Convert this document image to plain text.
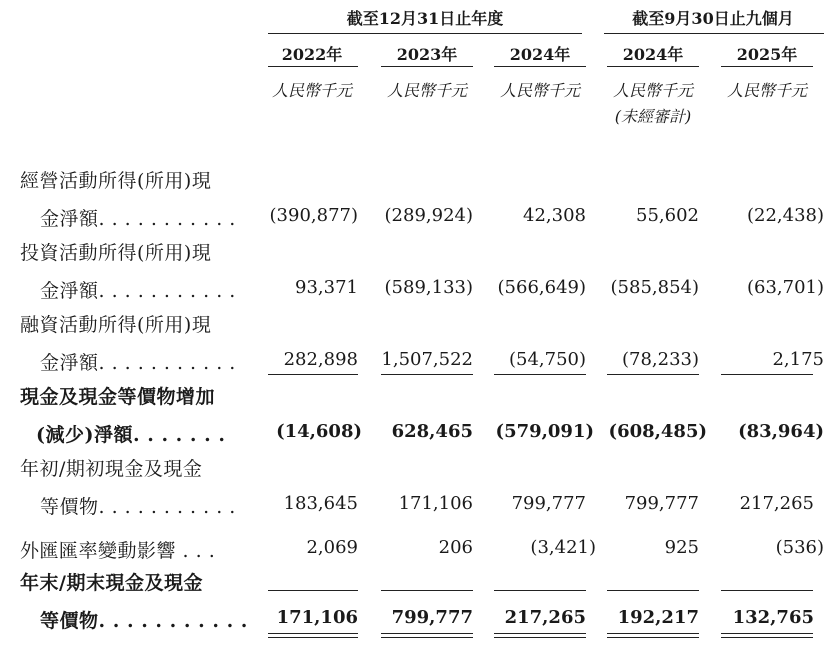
截至12月31日止年度	截至9月30日止九個月
2022年	2023年	2024年	2024年	2025年
人民幣千元	人民幣千元	人民幣千元	人民幣千元	人民幣千元
(未經審計)
經營活動所得(所用)現
金淨額. . . . . . . . . . .	(390,877)	(289,924)	42,308	55,602	(22,438)
投資活動所得(所用)現
金淨額. . . . . . . . . . .	93,371	(589,133)	(566,649)	(585,854)	(63,701)
融資活動所得(所用)現
金淨額. . . . . . . . . . .	282,898	1,507,522	(54,750)	(78,233)	2,175
現金及現金等價物增加
(減少)淨額. . . . . . .	(14,608)	628,465	(579,091) (608,485)	(83,964)
年初/期初現金及現金
等價物. . . . . . . . . . .	183,645	171,106	799,777	799,777	217,265
外匯匯率變動影響 . . .	2,069	206	(3,421)	925	(536)
年末/期末現金及現金
等價物. . . . . . . . . . .	171,106	799,777	217,265	192,217	132,765
